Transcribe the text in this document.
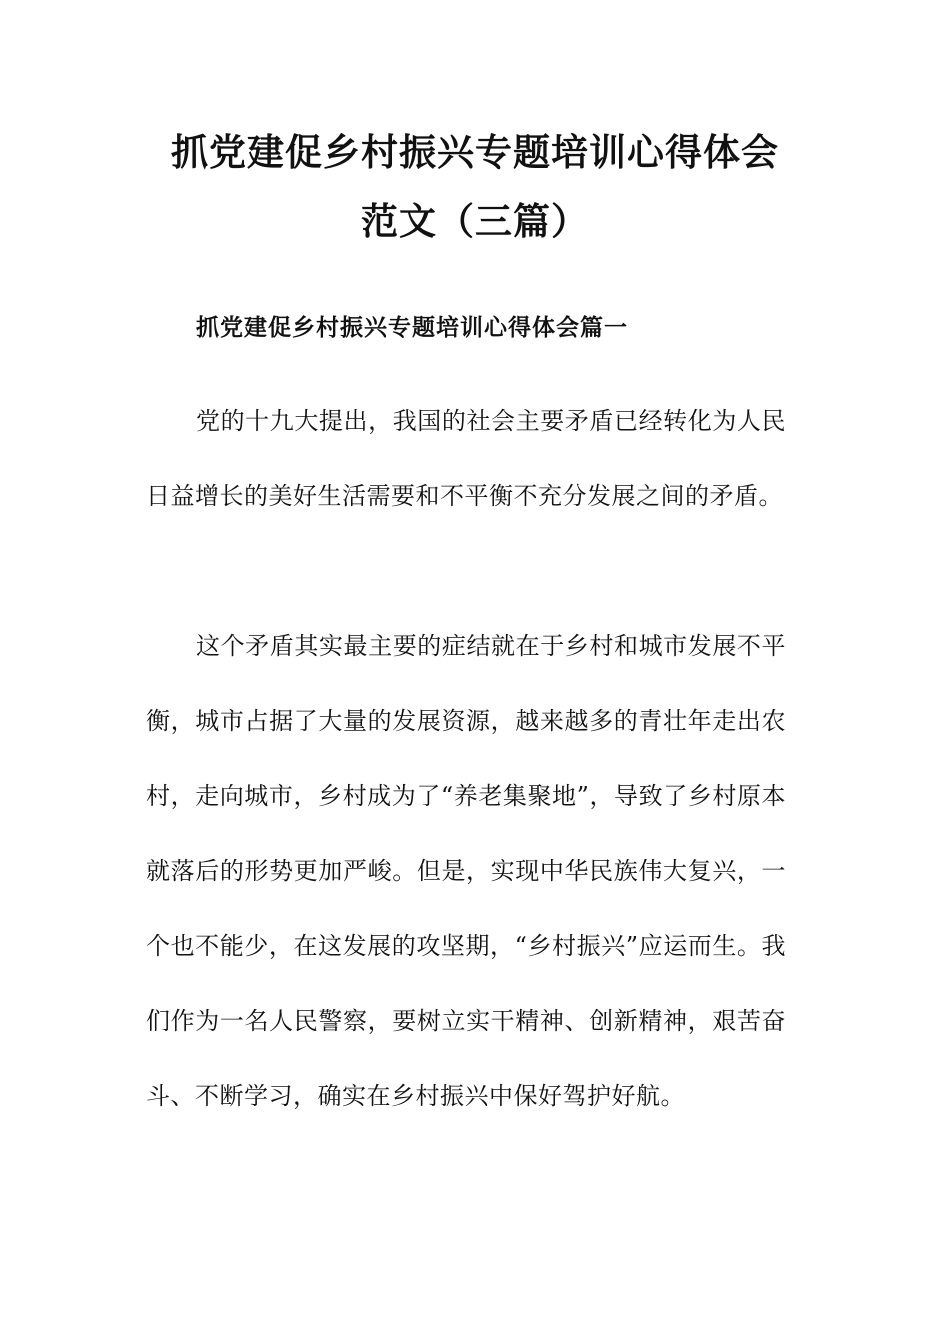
抓党建促乡村振兴专题培训心得体会
范文（三篇）
抓党建促乡村振兴专题培训心得体会篇一

党的十九大提出，我国的社会主要矛盾已经转化为人民日益增长的美好生活需要和不平衡不充分发展之间的矛盾。

这个矛盾其实最主要的症结就在于乡村和城市发展不平衡，城市占据了大量的发展资源，越来越多的青壮年走出农村，走向城市，乡村成为了“养老集聚地”，导致了乡村原本就落后的形势更加严峻。但是，实现中华民族伟大复兴，一个也不能少，在这发展的攻坚期，“乡村振兴”应运而生。我们作为一名人民警察，要树立实干精神、创新精神，艰苦奋斗、不断学习，确实在乡村振兴中保好驾护好航。
